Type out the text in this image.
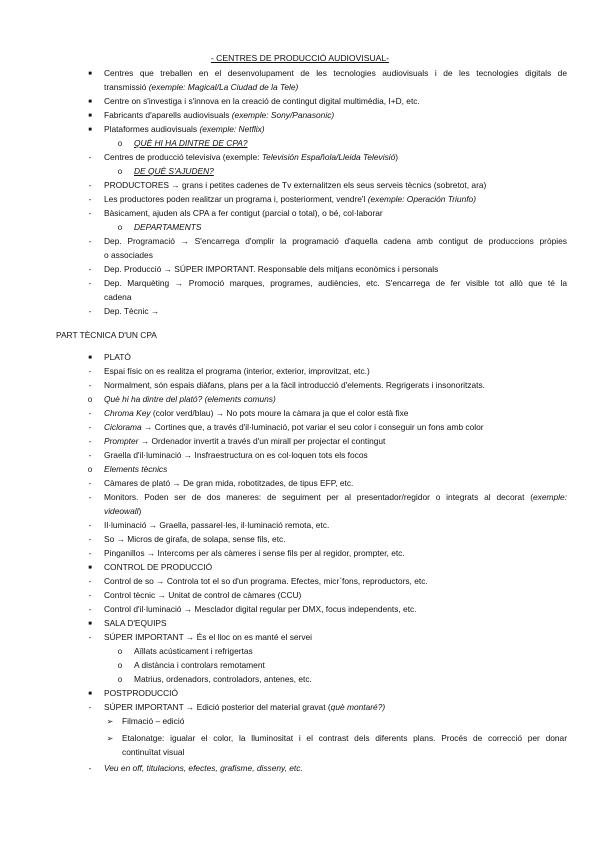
- CENTRES DE PRODUCCIÓ AUDIOVISUAL-
■	Centres que treballen en el desenvolupament de les tecnologies audiovisuals i de les tecnologies digitals de
transmissió (exemple: Magical/La Ciudad de la Tele)
■	Centre on s'investiga i s'innova en la creació de contingut digital multimèdia, I+D, etc.
■	Fabricants d'aparells audiovisuals (exemple: Sony/Panasonic)
■	Plataformes audiovisuals (exemple: Netflix)
o	QUÈ HI HA DINTRE DE CPA?
-	Centres de producció televisiva (exemple: Televisión Española/Lleida Televisió)
o	DE QUÈ S'AJUDEN?
-	PRODUCTORES → grans i petites cadenes de Tv externalitzen els seus serveis tècnics (sobretot, ara)
-	Les productores poden realitzar un programa i, posteriorment, vendre'l (exemple: Operación Triunfo)
-	Bàsicament, ajuden als CPA a fer contigut (parcial o total), o bé, col·laborar
o	DEPARTAMENTS
-	Dep. Programació → S'encarrega d'omplir la programació d'aquella cadena amb contigut de produccions pròpies
o associades
-	Dep. Producció → SÚPER IMPORTANT. Responsable dels mitjans econòmics i personals
-	Dep. Marquèting → Promoció marques, programes, audiències, etc. S'encarrega de fer visible tot allò que té la
cadena
-	Dep. Tècnic →
PART TÈCNICA D'UN CPA
■	PLATÓ
-	Espai físic on es realitza el programa (interior, exterior, improvitzat, etc.)
-	Normalment, són espais diàfans, plans per a la fàcil introducció d'elements. Regrigerats i insonoritzats.
o	Què hi ha dintre del plató? (elements comuns)
-	Chroma Key (color verd/blau) → No pots moure la càmara ja que el color està fixe
-	Ciclorama → Cortines que, a través d'il·luminació, pot variar el seu color i conseguir un fons amb color
-	Prompter → Ordenador invertit a través d'un mirall per projectar el contingut
-	Graella d'il·luminació → Insfraestructura on es col·loquen tots els focos
o	Elements tècnics
-	Càmares de plató → De gran mida, robotitzades, de tipus EFP, etc.
-	Monitors. Poden ser de dos maneres: de seguiment per al presentador/regidor o integrats al decorat (exemple:
videowall)
-	Il·luminació → Graella, passarel·les, il·luminació remota, etc.
-	So → Micros de girafa, de solapa, sense fils, etc.
-	Pinganillos → Intercoms per als càmeres i sense fils per al regidor, prompter, etc.
■	CONTROL DE PRODUCCIÓ
-	Control de so → Controla tot el so d'un programa. Efectes, micr`fons, reproductors, etc.
-	Control tècnic → Unitat de control de càmares (CCU)
-	Control d'il·luminació → Mesclador digital regular per DMX, focus independents, etc.
■	SALA D'EQUIPS
-	SÚPER IMPORTANT → És el lloc on es manté el servei
o	Aïllats acústicament i refrigertas
o	A distància i controlars remotament
o	Matrius, ordenadors, controladors, antenes, etc.
■	POSTPRODUCCIÓ
-	SÚPER IMPORTANT → Edició posterior del material gravat (què montaré?)
➢	Filmació – edició
➢	Etalonatge: igualar el color, la lluminositat i el contrast dels diferents plans. Procés de correcció per donar
continuïtat visual
-	Veu en off, titulacions, efectes, grafisme, disseny, etc.
